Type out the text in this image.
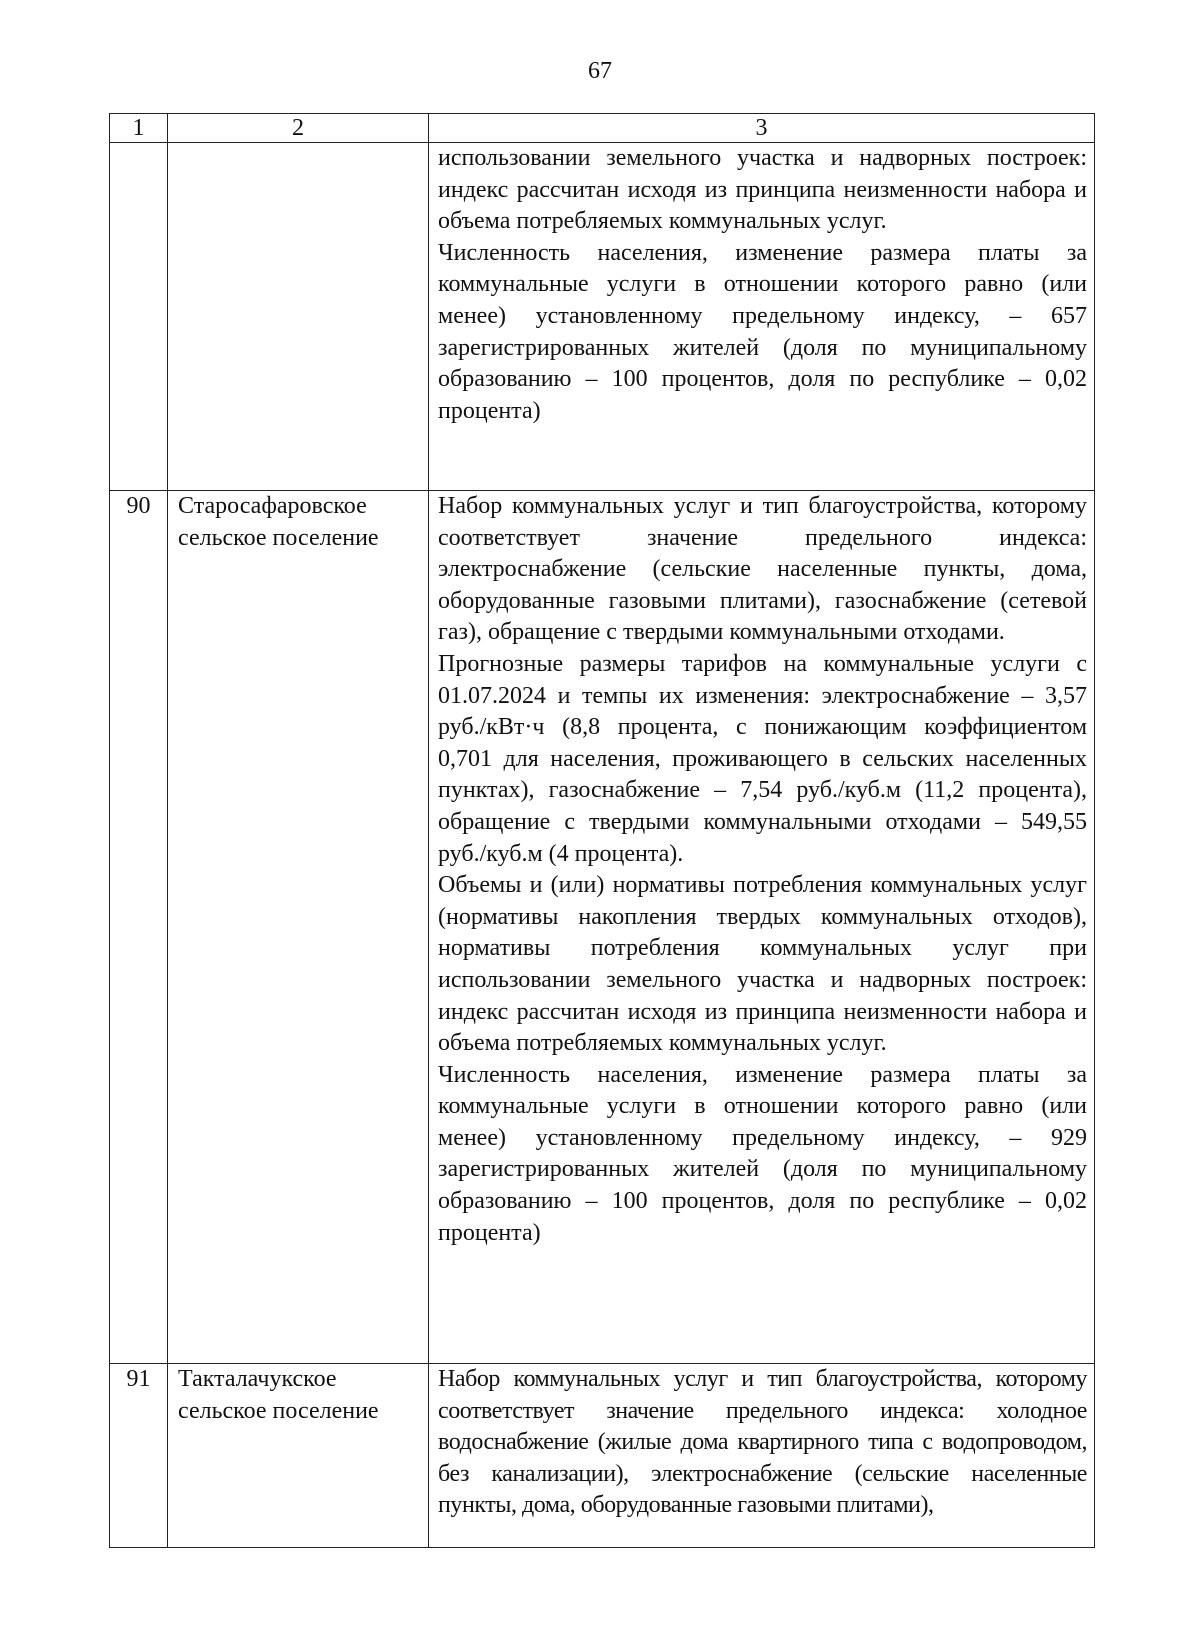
67
1	2	3

		использовании земельного участка и надворных построек: индекс рассчитан исходя из принципа неизменности набора и объема потребляемых коммунальных услуг.
Численность населения, изменение размера платы за коммунальные услуги в отношении которого равно (или менее) установленному предельному индексу, – 657 зарегистрированных жителей (доля по муниципальному образованию – 100 процентов, доля по республике – 0,02 процента)

90	Старосафаровское сельское поселение	Набор коммунальных услуг и тип благоустройства, которому соответствует значение предельного индекса: электроснабжение (сельские населенные пункты, дома, оборудованные газовыми плитами), газоснабжение (сетевой газ), обращение с твердыми коммунальными отходами.
Прогнозные размеры тарифов на коммунальные услуги с 01.07.2024 и темпы их изменения: электроснабжение – 3,57 руб./кВт·ч (8,8 процента, с понижающим коэффициентом 0,701 для населения, проживающего в сельских населенных пунктах), газоснабжение – 7,54 руб./куб.м (11,2 процента), обращение с твердыми коммунальными отходами – 549,55 руб./куб.м (4 процента).
Объемы и (или) нормативы потребления коммунальных услуг (нормативы накопления твердых коммунальных отходов), нормативы потребления коммунальных услуг при использовании земельного участка и надворных построек: индекс рассчитан исходя из принципа неизменности набора и объема потребляемых коммунальных услуг.
Численность населения, изменение размера платы за коммунальные услуги в отношении которого равно (или менее) установленному предельному индексу, – 929 зарегистрированных жителей (доля по муниципальному образованию – 100 процентов, доля по республике – 0,02 процента)

91	Такталачукское сельское поселение	Набор коммунальных услуг и тип благоустройства, которому соответствует значение предельного индекса: холодное водоснабжение (жилые дома квартирного типа с водопроводом, без канализации), электроснабжение (сельские населенные пункты, дома, оборудованные газовыми плитами),
